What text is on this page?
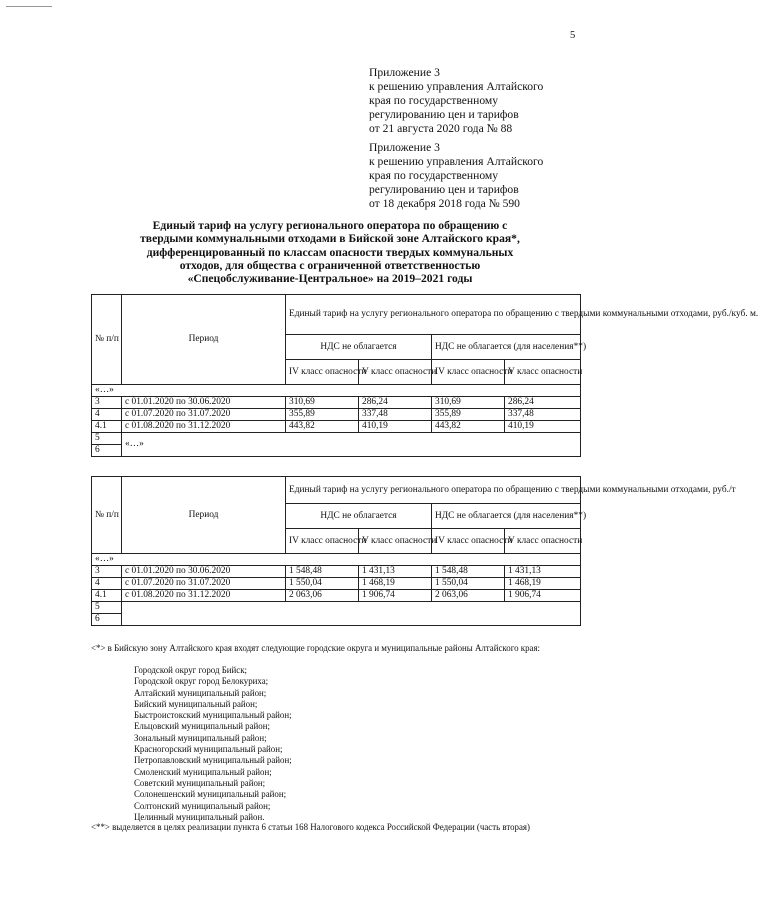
5
Приложение 3
к решению управления Алтайского
края по государственному
регулированию цен и тарифов
от 21 августа 2020 года № 88
Приложение 3
к решению управления Алтайского
края по государственному
регулированию цен и тарифов
от 18 декабря 2018 года № 590
Единый тариф на услугу регионального оператора по обращению с
твердыми коммунальными отходами в Бийской зоне Алтайского края*,
дифференцированный по классам опасности твердых коммунальных
отходов, для общества с ограниченной ответственностью
«Спецобслуживание-Центральное» на 2019–2021 годы
№ п/п	Период	Единый тариф на услугу регионального оператора по обращению с твердыми коммунальными отходами, руб./куб. м.			
		НДС не облагается		НДС не облагается (для населения**)	
		IV класс опасности	V класс опасности	IV класс опасности	V класс опасности
«…»					
3	с 01.01.2020 по 30.06.2020	310,69	286,24	310,69	286,24
4	с 01.07.2020 по 31.07.2020	355,89	337,48	355,89	337,48
4.1	с 01.08.2020 по 31.12.2020	443,82	410,19	443,82	410,19
5	«…»				
6					
№ п/п	Период	Единый тариф на услугу регионального оператора по обращению с твердыми коммунальными отходами, руб./т			
		НДС не облагается		НДС не облагается (для населения**)	
		IV класс опасности	V класс опасности	IV класс опасности	V класс опасности
«…»					
3	с 01.01.2020 по 30.06.2020	1 548,48	1 431,13	1 548,48	1 431,13
4	с 01.07.2020 по 31.07.2020	1 550,04	1 468,19	1 550,04	1 468,19
4.1	с 01.08.2020 по 31.12.2020	2 063,06	1 906,74	2 063,06	1 906,74
5					
6					
<*> в Бийскую зону Алтайского края входят следующие городские округа и муниципальные районы Алтайского края:
Городской округ город Бийск;
Городской округ город Белокуриха;
Алтайский муниципальный район;
Бийский муниципальный район;
Быстроистокский муниципальный район;
Ельцовский муниципальный район;
Зональный муниципальный район;
Красногорский муниципальный район;
Петропавловский муниципальный район;
Смоленский муниципальный район;
Советский муниципальный район;
Солонешенский муниципальный район;
Солтонский муниципальный район;
Целинный муниципальный район.
<**> выделяется в целях реализации пункта 6 статьи 168 Налогового кодекса Российской Федерации (часть вторая)
